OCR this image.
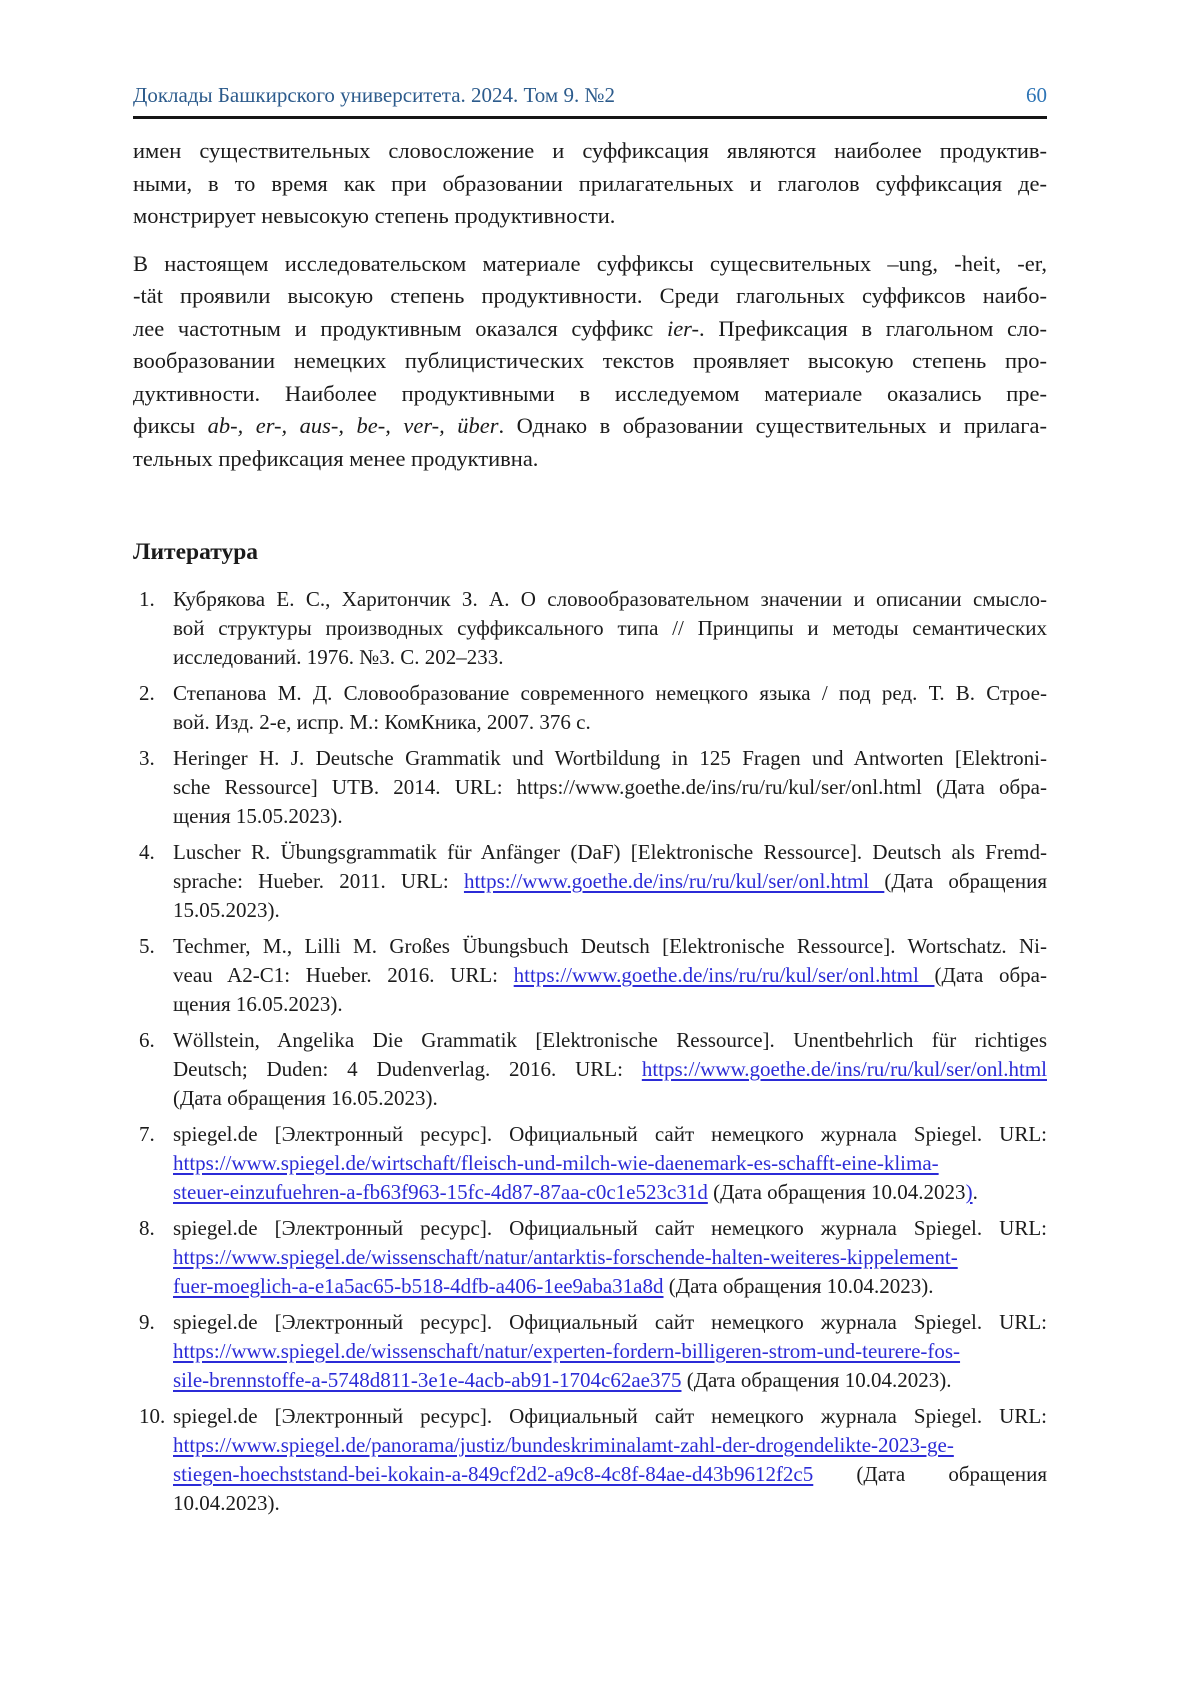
Доклады Башкирского университета. 2024. Том 9. №2	60
имен существительных словосложение и суффиксация являются наиболее продуктив-
ными, в то время как при образовании прилагательных и глаголов суффиксация де-
монстрирует невысокую степень продуктивности.
В настоящем исследовательском материале суффиксы сущесвительных –ung, -heit, -er,
-tät проявили высокую степень продуктивности. Среди глагольных суффиксов наибо-
лее частотным и продуктивным оказался суффикс ier-. Префиксация в глагольном сло-
вообразовании немецких публицистических текстов проявляет высокую степень про-
дуктивности. Наиболее продуктивными в исследуемом материале оказались пре-
фиксы ab-, er-, aus-, be-, ver-, über. Однако в образовании существительных и прилага-
тельных префиксация менее продуктивна.
Литература
1. Кубрякова Е. С., Харитончик З. А. О словообразовательном значении и описании смысло-
вой структуры производных суффиксального типа // Принципы и методы семантических
исследований. 1976. №3. С. 202–233.
2. Степанова М. Д. Словообразование современного немецкого языка / под ред. Т. В. Строе-
вой. Изд. 2-е, испр. М.: КомКника, 2007. 376 с.
3. Heringer H. J. Deutsche Grammatik und Wortbildung in 125 Fragen und Antworten [Elektroni-
sche Ressource] UTB. 2014. URL: https://www.goethe.de/ins/ru/ru/kul/ser/onl.html (Дата обра-
щения 15.05.2023).
4. Luscher R. Übungsgrammatik für Anfänger (DaF) [Elektronische Ressource]. Deutsch als Fremd-
sprache: Hueber. 2011. URL: https://www.goethe.de/ins/ru/ru/kul/ser/onl.html (Дата обращения
15.05.2023).
5. Techmer, M., Lilli M. Großes Übungsbuch Deutsch [Elektronische Ressource]. Wortschatz. Ni-
veau A2-C1: Hueber. 2016. URL: https://www.goethe.de/ins/ru/ru/kul/ser/onl.html (Дата обра-
щения 16.05.2023).
6. Wöllstein, Angelika Die Grammatik [Elektronische Ressource]. Unentbehrlich für richtiges
Deutsch; Duden: 4 Dudenverlag. 2016. URL: https://www.goethe.de/ins/ru/ru/kul/ser/onl.html
(Дата обращения 16.05.2023).
7. spiegel.de [Электронный ресурс]. Официальный сайт немецкого журнала Spiegel. URL:
https://www.spiegel.de/wirtschaft/fleisch-und-milch-wie-daenemark-es-schafft-eine-klima-
steuer-einzufuehren-a-fb63f963-15fc-4d87-87aa-c0c1e523c31d (Дата обращения 10.04.2023).
8. spiegel.de [Электронный ресурс]. Официальный сайт немецкого журнала Spiegel. URL:
https://www.spiegel.de/wissenschaft/natur/antarktis-forschende-halten-weiteres-kippelement-
fuer-moeglich-a-e1a5ac65-b518-4dfb-a406-1ee9aba31a8d (Дата обращения 10.04.2023).
9. spiegel.de [Электронный ресурс]. Официальный сайт немецкого журнала Spiegel. URL:
https://www.spiegel.de/wissenschaft/natur/experten-fordern-billigeren-strom-und-teurere-fos-
sile-brennstoffe-a-5748d811-3e1e-4acb-ab91-1704c62ae375 (Дата обращения 10.04.2023).
10. spiegel.de [Электронный ресурс]. Официальный сайт немецкого журнала Spiegel. URL:
https://www.spiegel.de/panorama/justiz/bundeskriminalamt-zahl-der-drogendelikte-2023-ge-
stiegen-hoechststand-bei-kokain-a-849cf2d2-a9c8-4c8f-84ae-d43b9612f2c5 (Дата обращения
10.04.2023).
